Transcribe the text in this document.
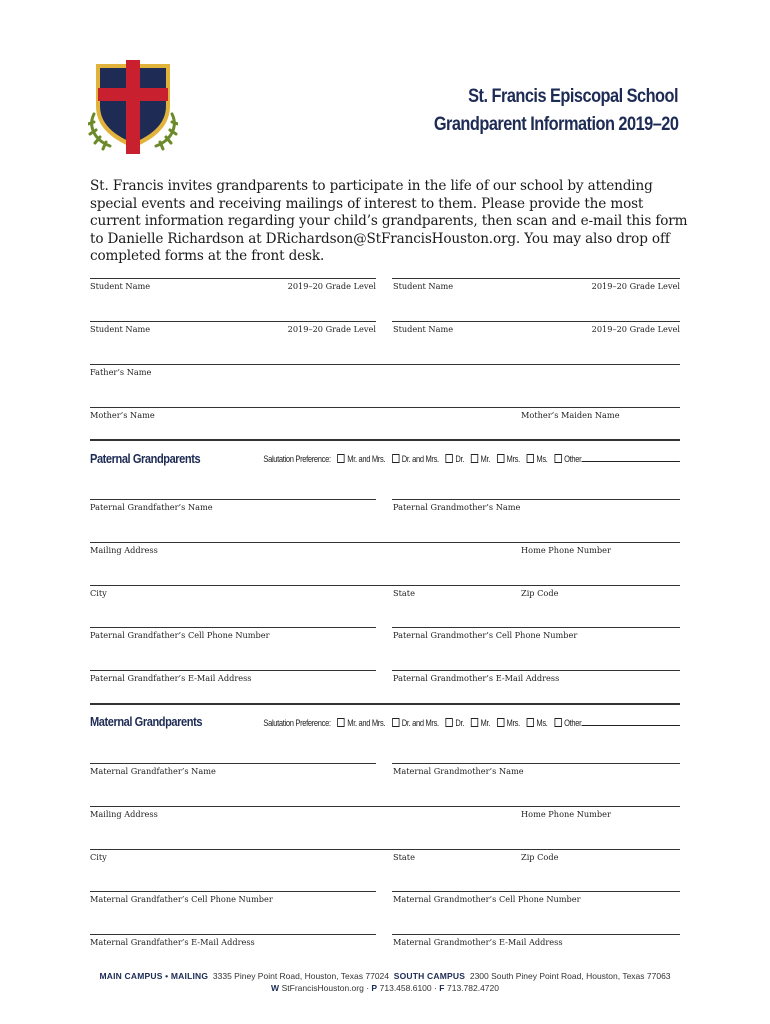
St. Francis Episcopal School
Grandparent Information 2019–20
St. Francis invites grandparents to participate in the life of our school by attending special events and receiving mailings of interest to them. Please provide the most current information regarding your child’s grandparents, then scan and e-mail this form to Danielle Richardson at DRichardson@StFrancisHouston.org. You may also drop off completed forms at the front desk.
Student Name	2019–20 Grade Level Student Name	2019–20 Grade Level
Student Name	2019–20 Grade Level Student Name	2019–20 Grade Level
Father’s Name
Mother’s Name	Mother’s Maiden Name
Paternal Grandparents	Salutation Preference: Mr. and Mrs. Dr. and Mrs. Dr. Mr. Mrs. Ms. Other
Paternal Grandfather’s Name	Paternal Grandmother’s Name
Mailing Address	Home Phone Number
City	State	Zip Code
Paternal Grandfather’s Cell Phone Number	Paternal Grandmother’s Cell Phone Number
Paternal Grandfather’s E-Mail Address	Paternal Grandmother’s E-Mail Address
Maternal Grandparents	Salutation Preference: Mr. and Mrs. Dr. and Mrs. Dr. Mr. Mrs. Ms. Other
Maternal Grandfather’s Name	Maternal Grandmother’s Name
Mailing Address	Home Phone Number
City	State	Zip Code
Maternal Grandfather’s Cell Phone Number	Maternal Grandmother’s Cell Phone Number
Maternal Grandfather’s E-Mail Address	Maternal Grandmother’s E-Mail Address
MAIN CAMPUS • MAILING 3335 Piney Point Road, Houston, Texas 77024 SOUTH CAMPUS 2300 South Piney Point Road, Houston, Texas 77063
W StFrancisHouston.org · P 713.458.6100 · F 713.782.4720
